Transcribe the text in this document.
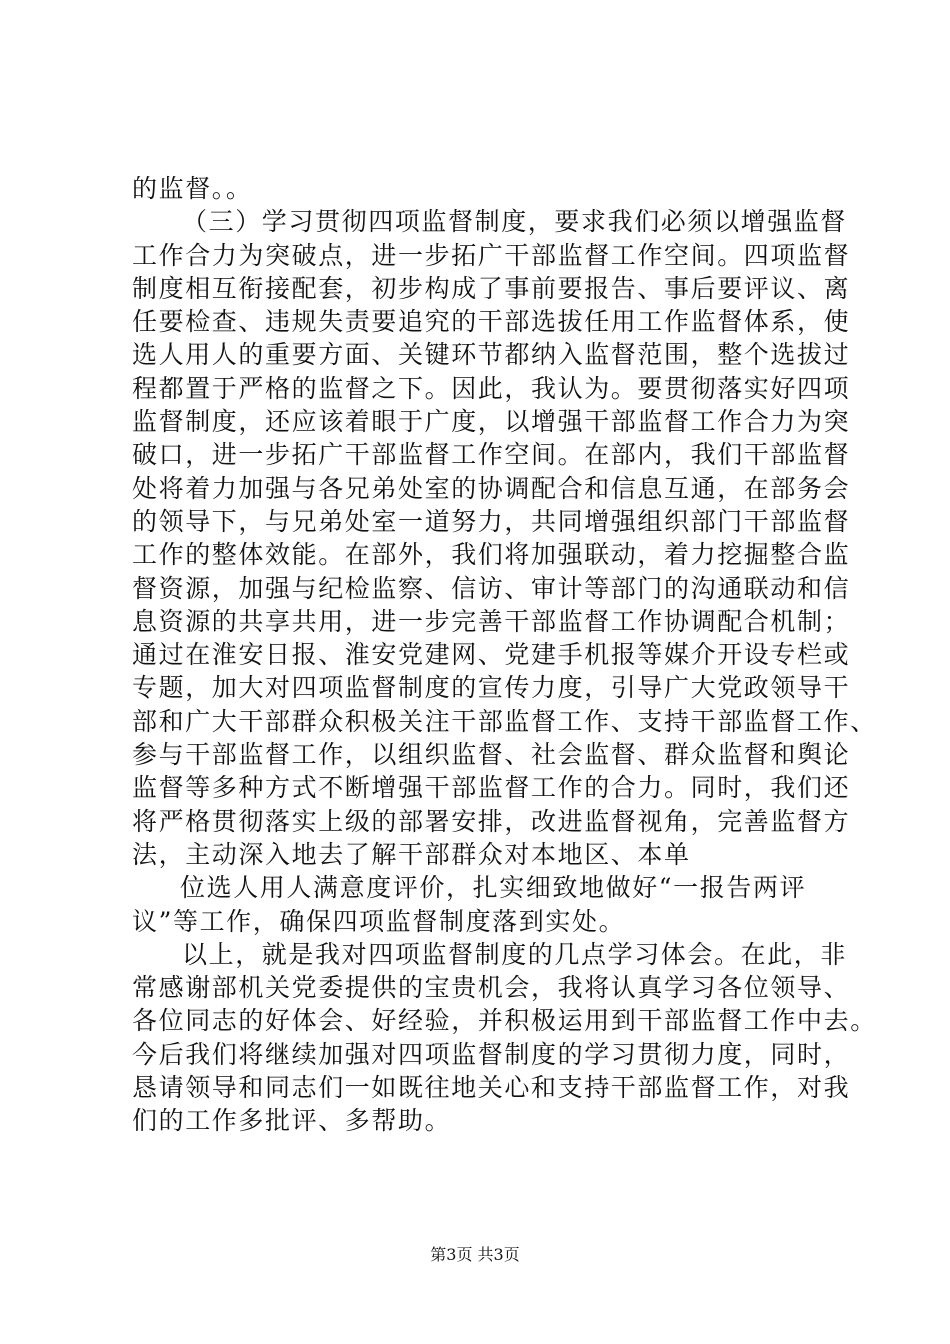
的监督。。
（三）学习贯彻四项监督制度，要求我们必须以增强监督
工作合力为突破点，进一步拓广干部监督工作空间。四项监督
制度相互衔接配套，初步构成了事前要报告、事后要评议、离
任要检查、违规失责要追究的干部选拔任用工作监督体系，使
选人用人的重要方面、关键环节都纳入监督范围，整个选拔过
程都置于严格的监督之下。因此，我认为。要贯彻落实好四项
监督制度，还应该着眼于广度，以增强干部监督工作合力为突
破口，进一步拓广干部监督工作空间。在部内，我们干部监督
处将着力加强与各兄弟处室的协调配合和信息互通，在部务会
的领导下，与兄弟处室一道努力，共同增强组织部门干部监督
工作的整体效能。在部外，我们将加强联动，着力挖掘整合监
督资源，加强与纪检监察、信访、审计等部门的沟通联动和信
息资源的共享共用，进一步完善干部监督工作协调配合机制；
通过在淮安日报、淮安党建网、党建手机报等媒介开设专栏或
专题，加大对四项监督制度的宣传力度，引导广大党政领导干
部和广大干部群众积极关注干部监督工作、支持干部监督工作、
参与干部监督工作，以组织监督、社会监督、群众监督和舆论
监督等多种方式不断增强干部监督工作的合力。同时，我们还
将严格贯彻落实上级的部署安排，改进监督视角，完善监督方
法，主动深入地去了解干部群众对本地区、本单
位选人用人满意度评价，扎实细致地做好“一报告两评
议”等工作，确保四项监督制度落到实处。
以上，就是我对四项监督制度的几点学习体会。在此，非
常感谢部机关党委提供的宝贵机会，我将认真学习各位领导、
各位同志的好体会、好经验，并积极运用到干部监督工作中去。
今后我们将继续加强对四项监督制度的学习贯彻力度，同时，
恳请领导和同志们一如既往地关心和支持干部监督工作，对我
们的工作多批评、多帮助。
第3页 共3页
